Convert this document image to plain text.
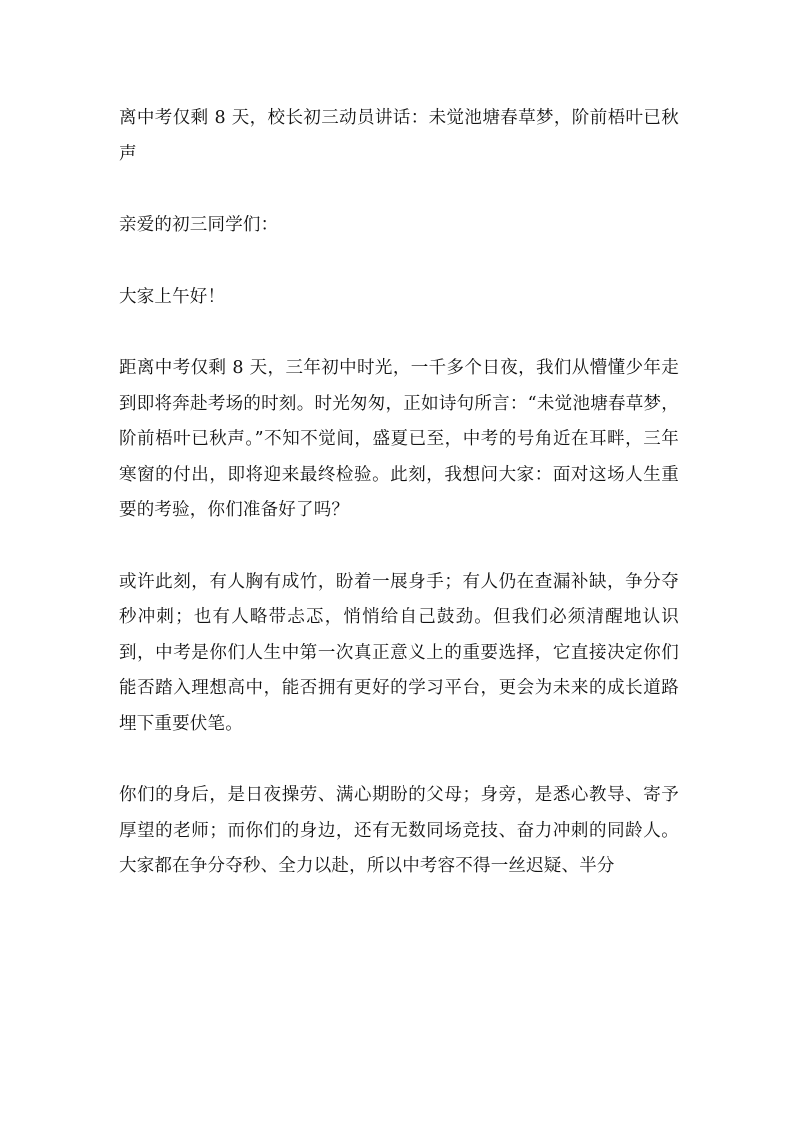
离中考仅剩 8 天，校长初三动员讲话：未觉池塘春草梦，阶前梧叶已秋声

亲爱的初三同学们：

大家上午好！

距离中考仅剩 8 天，三年初中时光，一千多个日夜，我们从懵懂少年走到即将奔赴考场的时刻。时光匆匆，正如诗句所言：“未觉池塘春草梦，阶前梧叶已秋声。”不知不觉间，盛夏已至，中考的号角近在耳畔，三年寒窗的付出，即将迎来最终检验。此刻，我想问大家：面对这场人生重要的考验，你们准备好了吗？

或许此刻，有人胸有成竹，盼着一展身手；有人仍在查漏补缺，争分夺秒冲刺；也有人略带忐忑，悄悄给自己鼓劲。但我们必须清醒地认识到，中考是你们人生中第一次真正意义上的重要选择，它直接决定你们能否踏入理想高中，能否拥有更好的学习平台，更会为未来的成长道路埋下重要伏笔。

你们的身后，是日夜操劳、满心期盼的父母；身旁，是悉心教导、寄予厚望的老师；而你们的身边，还有无数同场竞技、奋力冲刺的同龄人。大家都在争分夺秒、全力以赴，所以中考容不得一丝迟疑、半分
